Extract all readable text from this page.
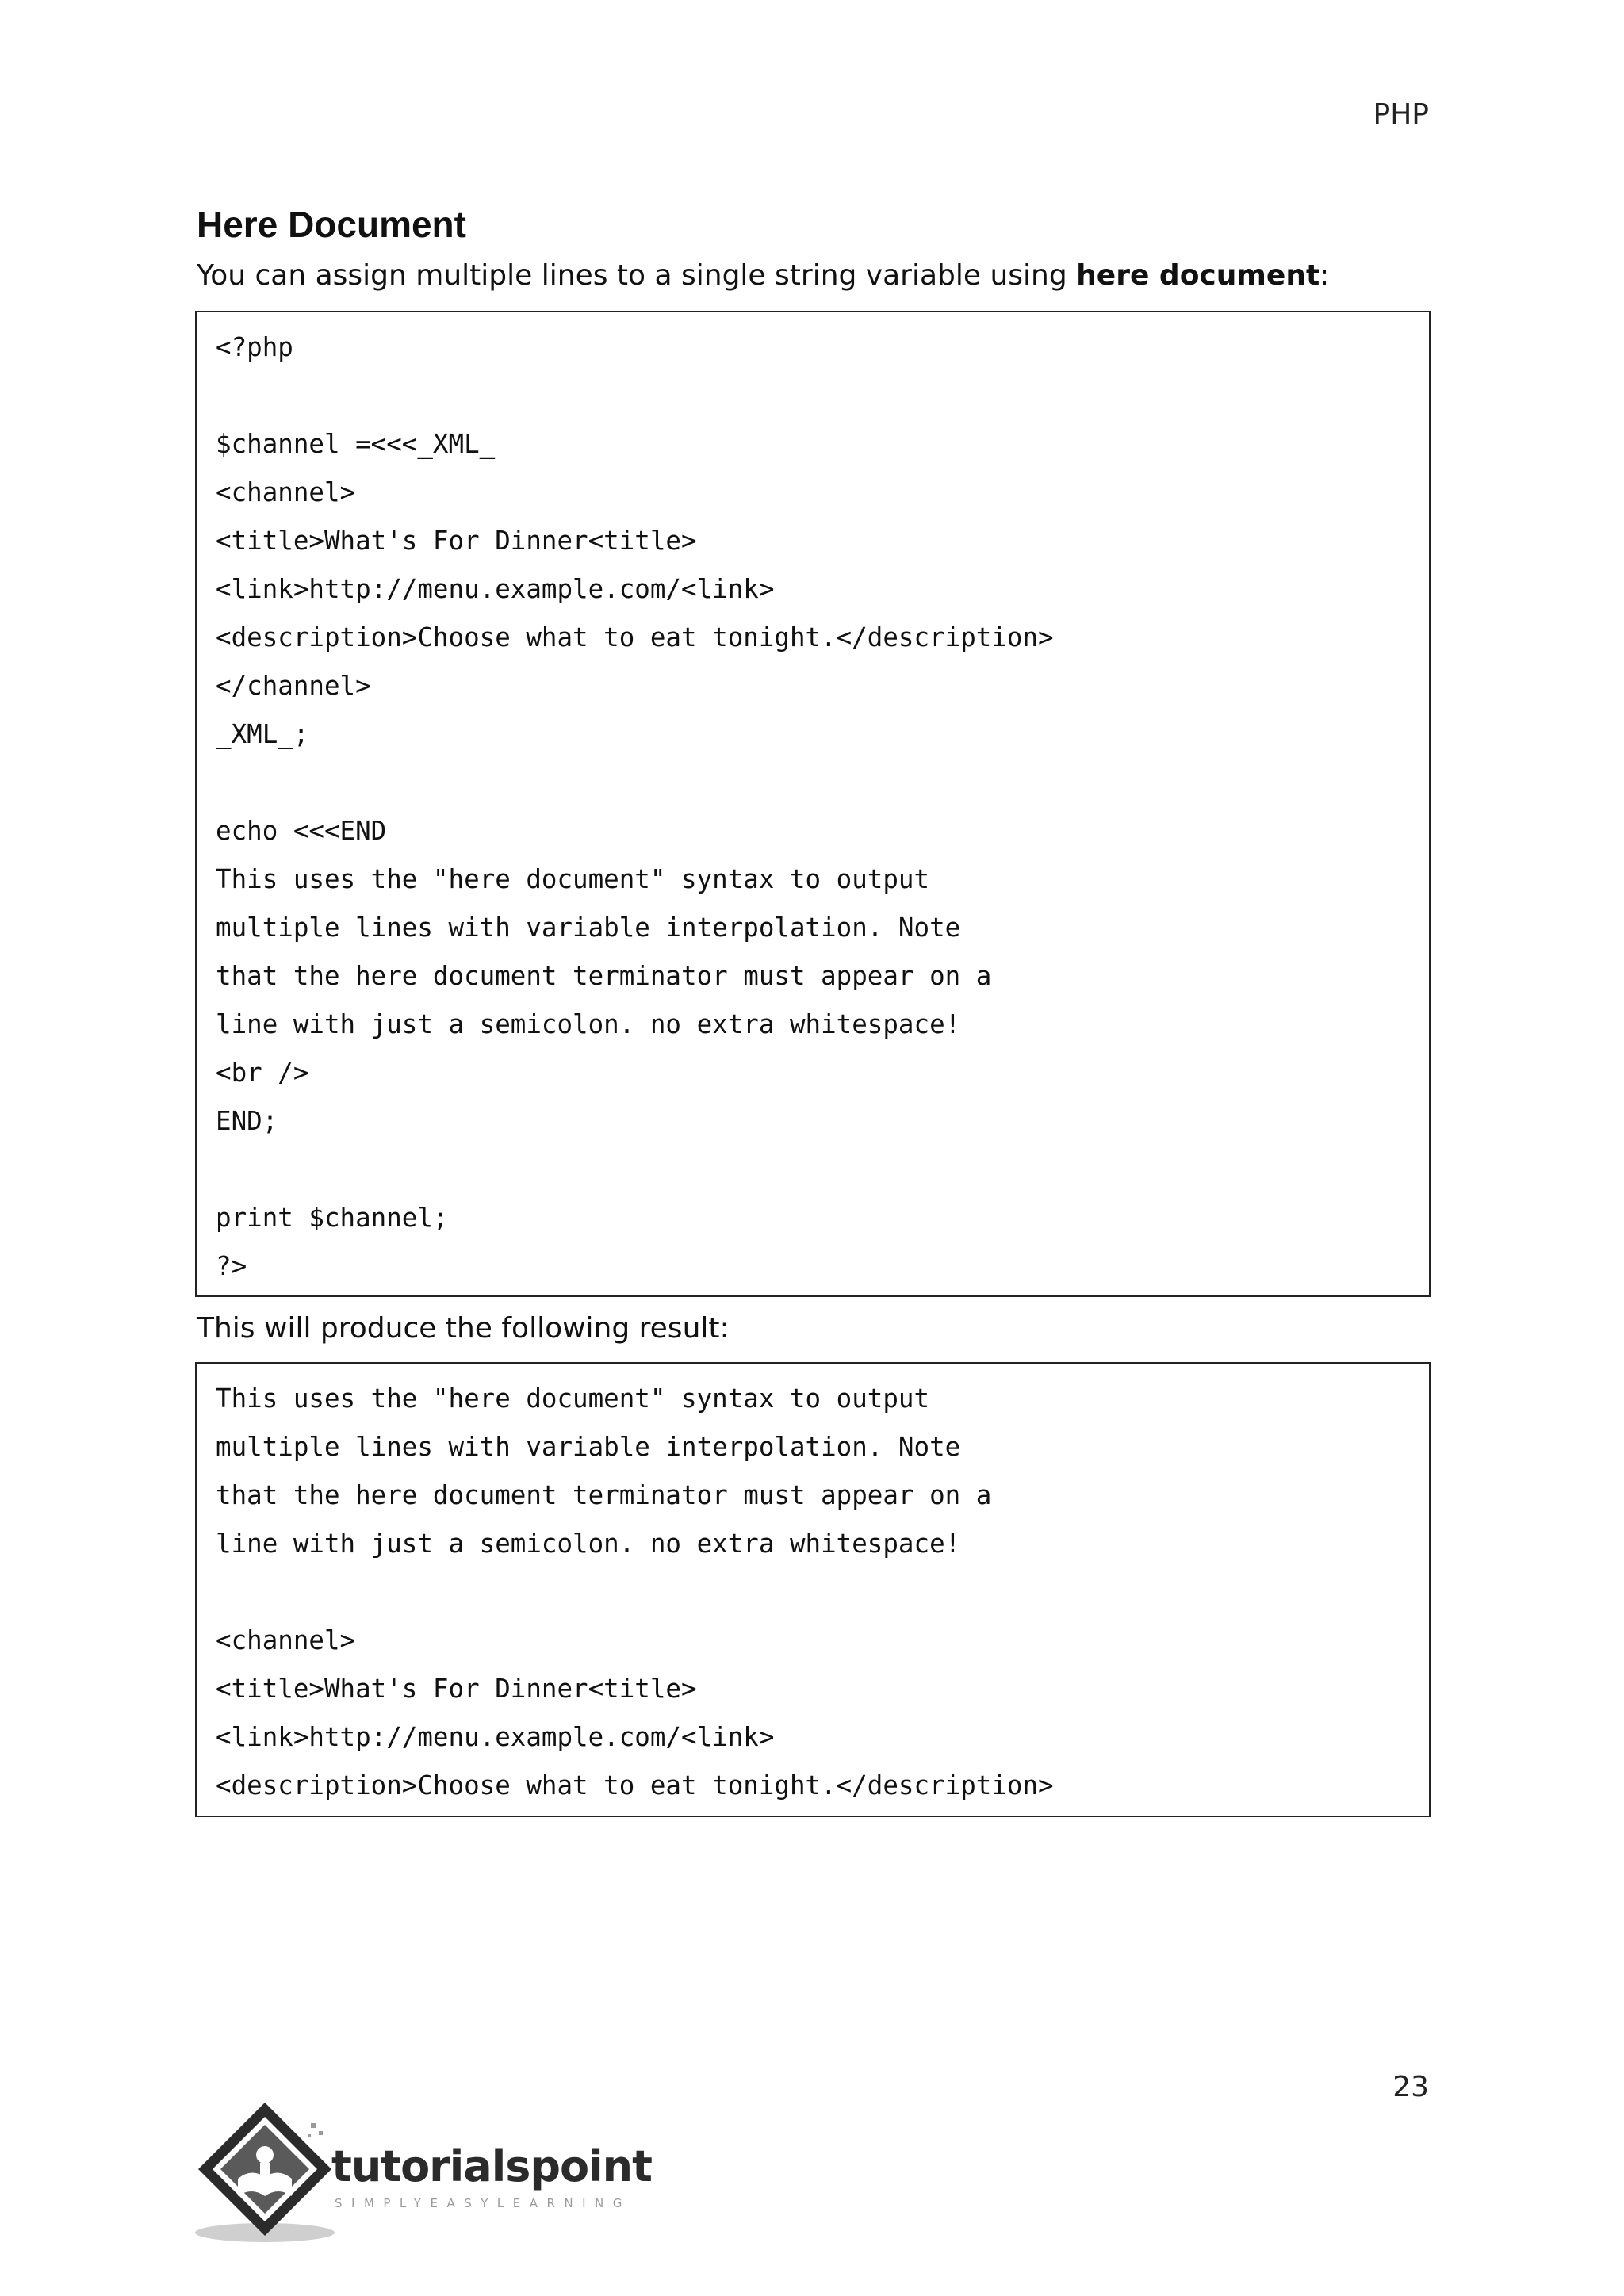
PHP
Here Document

You can assign multiple lines to a single string variable using here document:

<?php
$channel =<<<_XML_
<channel>
<title>What's For Dinner<title>
<link>http://menu.example.com/<link>
<description>Choose what to eat tonight.</description>
</channel>
_XML_;
echo <<<END
This uses the "here document" syntax to output
multiple lines with variable interpolation. Note
that the here document terminator must appear on a
line with just a semicolon. no extra whitespace!
<br />
END;
print $channel;
?>

This will produce the following result:

This uses the "here document" syntax to output
multiple lines with variable interpolation. Note
that the here document terminator must appear on a
line with just a semicolon. no extra whitespace!
<channel>
<title>What's For Dinner<title>
<link>http://menu.example.com/<link>
<description>Choose what to eat tonight.</description>
23
tutorialspoint
SIMPLYEASYLEARNING
